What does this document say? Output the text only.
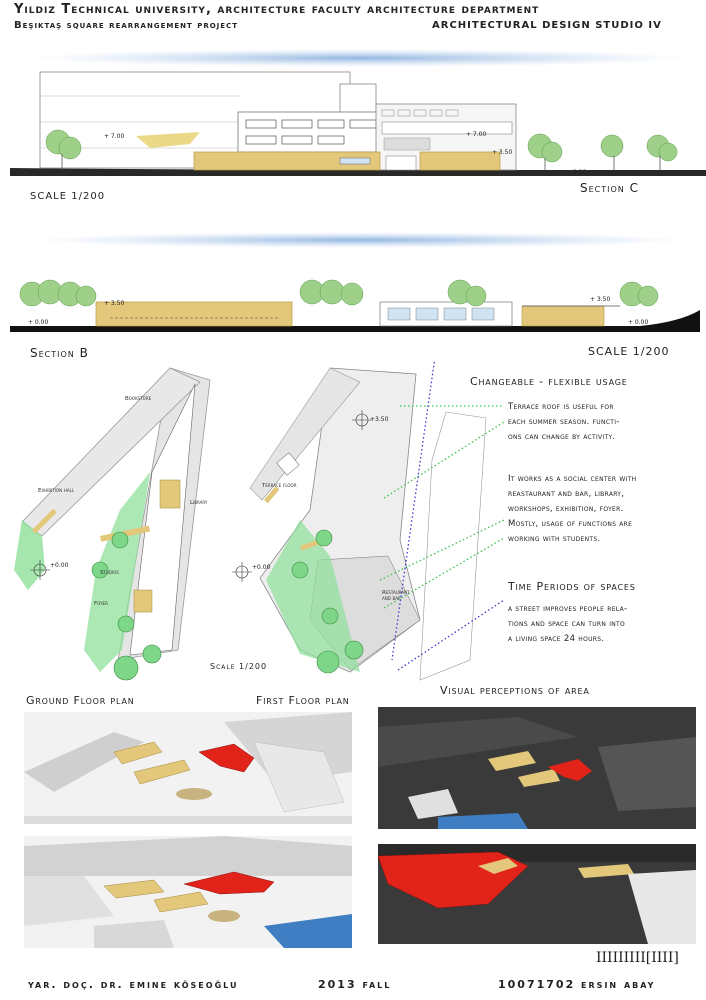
Yildiz Technical university, architecture faculty architecture department
Beşiktaş square rearrangement project	ARCHITECTURAL DESIGN STUDIO IV
+ 7.00	+ 7.00
+ 3.50
+ 0.00
SCALE 1/200
Section C
+ 3.50
+ 3.50
+ 0.00	+ 0.00
Section B	SCALE 1/200
Bookstore
Exhibition hall
Library
Studios
Foyer
Terrace floor
Restaurant and bar
+0.00	+0.00
+3.50
Scale 1/200
Ground Floor plan	First Floor plan
Changeable - flexible usage
Terrace roof is useful for
each summer season. functi-
ons can change by activity.
It works as a social center with
reastaurant and bar, library,
workshops, exhibition, foyer.
Mostly, usage of functions are
working with students.
Time Periods of spaces
a street improves people rela-
tions and space can turn into
a living space 24 hours.
Visual perceptions of area
yar. doç. dr. emine köseoğlu	2013 fall	10071702 ersin abay
IIIIIIIII[IIII]
